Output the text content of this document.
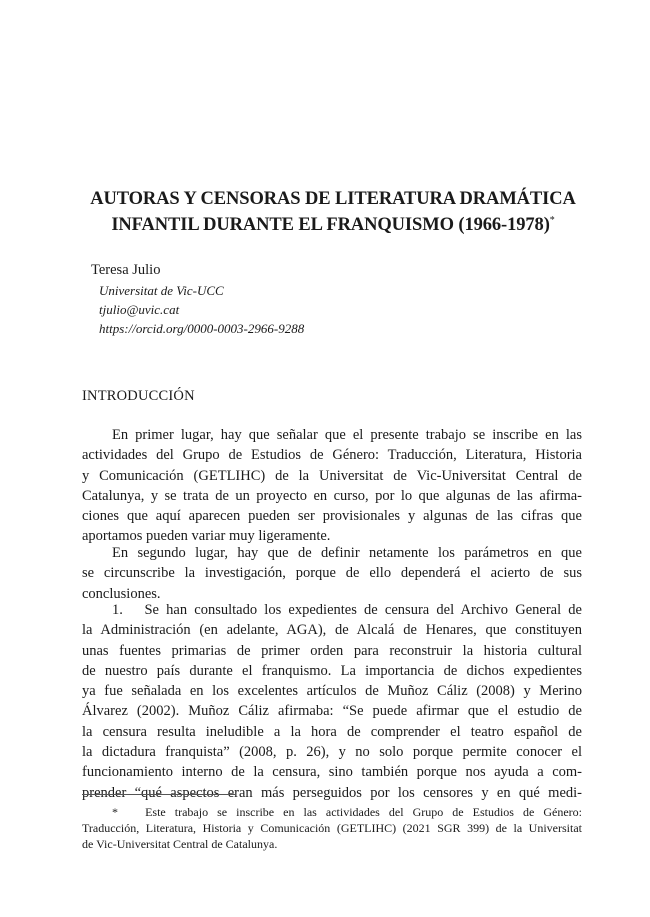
AUTORAS Y CENSORAS DE LITERATURA DRAMÁTICA
INFANTIL DURANTE EL FRANQUISMO (1966-1978)*
Teresa Julio
Universitat de Vic-UCC
tjulio@uvic.cat
https://orcid.org/0000-0003-2966-9288
INTRODUCCIÓN
En primer lugar, hay que señalar que el presente trabajo se inscribe en las
actividades del Grupo de Estudios de Género: Traducción, Literatura, Historia
y Comunicación (GETLIHC) de la Universitat de Vic-Universitat Central de
Catalunya, y se trata de un proyecto en curso, por lo que algunas de las afirma-
ciones que aquí aparecen pueden ser provisionales y algunas de las cifras que
aportamos pueden variar muy ligeramente.
En segundo lugar, hay que de definir netamente los parámetros en que
se circunscribe la investigación, porque de ello dependerá el acierto de sus
conclusiones.
1.   Se han consultado los expedientes de censura del Archivo General de
la Administración (en adelante, AGA), de Alcalá de Henares, que constituyen
unas fuentes primarias de primer orden para reconstruir la historia cultural
de nuestro país durante el franquismo. La importancia de dichos expedientes
ya fue señalada en los excelentes artículos de Muñoz Cáliz (2008) y Merino
Álvarez (2002). Muñoz Cáliz afirmaba: “Se puede afirmar que el estudio de
la censura resulta ineludible a la hora de comprender el teatro español de
la dictadura franquista” (2008, p. 26), y no solo porque permite conocer el
funcionamiento interno de la censura, sino también porque nos ayuda a com-
prender “qué aspectos eran más perseguidos por los censores y en qué medi-
*   Este trabajo se inscribe en las actividades del Grupo de Estudios de Género:
Traducción, Literatura, Historia y Comunicación (GETLIHC) (2021 SGR 399) de la Universitat
de Vic-Universitat Central de Catalunya.
